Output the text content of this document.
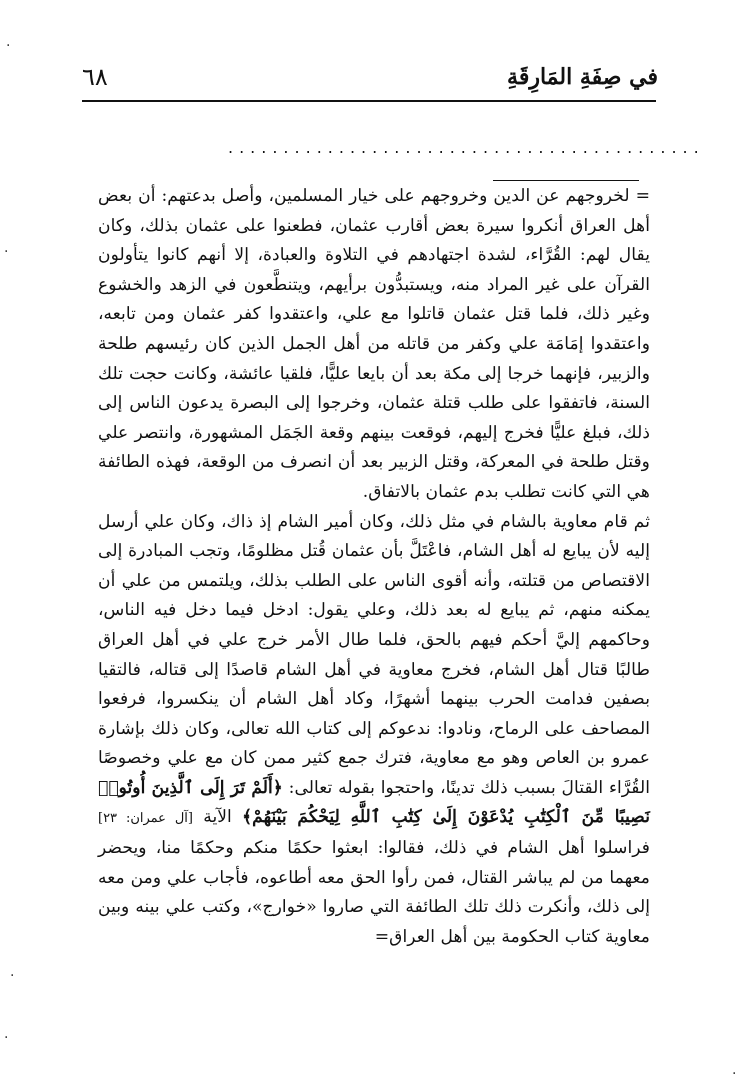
٦٨	في صِفَةِ المَارِقَةِ
...........................................

=لخروجهم عن الدين وخروجهم على خيار المسلمين، وأصل بدعتهم: أن بعض أهل العراق أنكروا سيرة بعض أقارب عثمان، فطعنوا على عثمان بذلك، وكان يقال لهم: القُرَّاء، لشدة اجتهادهم في التلاوة والعبادة، إلا أنهم كانوا يتأولون القرآن على غير المراد منه، ويستبدُّون برأيهم، ويتنطَّعون في الزهد والخشوع وغير ذلك، فلما قتل عثمان قاتلوا مع علي، واعتقدوا كفر عثمان ومن تابعه، واعتقدوا إمَامَة علي وكفر من قاتله من أهل الجمل الذين كان رئيسهم طلحة والزبير، فإنهما خرجا إلى مكة بعد أن بايعا عليًّا، فلقيا عائشة، وكانت حجت تلك السنة، فاتفقوا على طلب قتلة عثمان، وخرجوا إلى البصرة يدعون الناس إلى ذلك، فبلغ عليًّا فخرج إليهم، فوقعت بينهم وقعة الجَمَل المشهورة، وانتصر علي وقتل طلحة في المعركة، وقتل الزبير بعد أن انصرف من الوقعة، فهذه الطائفة هي التي كانت تطلب بدم عثمان بالاتفاق.

ثم قام معاوية بالشام في مثل ذلك، وكان أمير الشام إذ ذاك، وكان علي أرسل إليه لأن يبايع له أهل الشام، فاعْتَلَّ بأن عثمان قُتل مظلومًا، وتجب المبادرة إلى الاقتصاص من قتلته، وأنه أقوى الناس على الطلب بذلك، ويلتمس من علي أن يمكنه منهم، ثم يبايع له بعد ذلك، وعلي يقول: ادخل فيما دخل فيه الناس، وحاكمهم إليَّ أحكم فيهم بالحق، فلما طال الأمر خرج علي في أهل العراق طالبًا قتال أهل الشام، فخرج معاوية في أهل الشام قاصدًا إلى قتاله، فالتقيا بصفين فدامت الحرب بينهما أشهرًا، وكاد أهل الشام أن ينكسروا، فرفعوا المصاحف على الرماح، ونادوا: ندعوكم إلى كتاب الله تعالى، وكان ذلك بإشارة عمرو بن العاص وهو مع معاوية، فترك جمع كثير ممن كان مع علي وخصوصًا القُرَّاء القتالَ بسبب ذلك تدينًا، واحتجوا بقوله تعالى: ﴿أَلَمْ تَرَ إِلَى ٱلَّذِينَ أُوتُوا۟ نَصِيبًا مِّنَ ٱلْكِتَٰبِ يُدْعَوْنَ إِلَىٰ كِتَٰبِ ٱللَّهِ لِيَحْكُمَ بَيْنَهُمْ﴾ الآية [آل عمران: ٢٣] فراسلوا أهل الشام في ذلك، فقالوا: ابعثوا حكمًا منكم وحكمًا منا، ويحضر معهما من لم يباشر القتال، فمن رأوا الحق معه أطاعوه، فأجاب علي ومن معه إلى ذلك، وأنكرت ذلك تلك الطائفة التي صاروا «خوارج»، وكتب علي بينه وبين معاوية كتاب الحكومة بين أهل العراق=

·
·
·
·
·
